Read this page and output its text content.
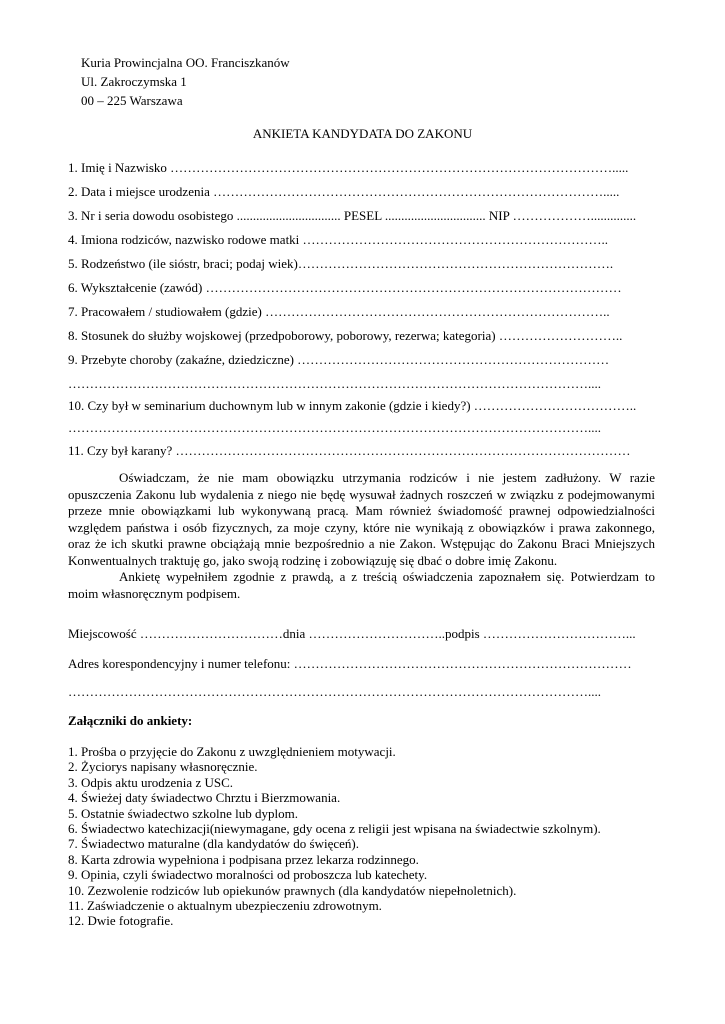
Kuria Prowincjalna OO. Franciszkanów
Ul. Zakroczymska 1
00 – 225 Warszawa
ANKIETA KANDYDATA DO ZAKONU
1. Imię i Nazwisko ………………………………………………………………………………………….....
2. Data i miejsce urodzenia ……………………………………………………………………………….....
3. Nr i seria dowodu osobistego ................................ PESEL ............................... NIP ………………..............
4. Imiona rodziców, nazwisko rodowe matki ……………………………………………………………..
5. Rodzeństwo (ile sióstr, braci; podaj wiek)……………………………………………………………….
6. Wykształcenie (zawód) ……………………………………………………………………………………
7. Pracowałem / studiowałem (gdzie) ……………………………………………………………………..
8. Stosunek do służby wojskowej (przedpoborowy, poborowy, rezerwa; kategoria) ………………………..
9. Przebyte choroby (zakaźne, dziedziczne) ………………………………………………………………
…………………………………………………………………………………………………………....
10. Czy był w seminarium duchownym lub w innym zakonie (gdzie i kiedy?) ………………………………..
…………………………………………………………………………………………………………....
11. Czy był karany? ……………………………………………………………………………………………

Oświadczam, że nie mam obowiązku utrzymania rodziców i nie jestem zadłużony. W razie opuszczenia Zakonu lub wydalenia z niego nie będę wysuwał żadnych roszczeń w związku z podejmowanymi przeze mnie obowiązkami lub wykonywaną pracą. Mam również świadomość prawnej odpowiedzialności względem państwa i osób fizycznych, za moje czyny, które nie wynikają z obowiązków i prawa zakonnego, oraz że ich skutki prawne obciążają mnie bezpośrednio a nie Zakon. Wstępując do Zakonu Braci Mniejszych Konwentualnych traktuję go, jako swoją rodzinę i zobowiązuję się dbać o dobre imię Zakonu.

Ankietę wypełniłem zgodnie z prawdą, a z treścią oświadczenia zapoznałem się. Potwierdzam to moim własnoręcznym podpisem.

Miejscowość ……………………………dnia …………………………..podpis ……………………………...
Adres korespondencyjny i numer telefonu: ……………………………………………………………………
…………………………………………………………………………………………………………....
Załączniki do ankiety:
1. Prośba o przyjęcie do Zakonu z uwzględnieniem motywacji.
2. Życiorys napisany własnoręcznie.
3. Odpis aktu urodzenia z USC.
4. Świeżej daty świadectwo Chrztu i Bierzmowania.
5. Ostatnie świadectwo szkolne lub dyplom.
6. Świadectwo katechizacji(niewymagane, gdy ocena z religii jest wpisana na świadectwie szkolnym).
7. Świadectwo maturalne (dla kandydatów do święceń).
8. Karta zdrowia wypełniona i podpisana przez lekarza rodzinnego.
9. Opinia, czyli świadectwo moralności od proboszcza lub katechety.
10. Zezwolenie rodziców lub opiekunów prawnych (dla kandydatów niepełnoletnich).
11. Zaświadczenie o aktualnym ubezpieczeniu zdrowotnym.
12. Dwie fotografie.
